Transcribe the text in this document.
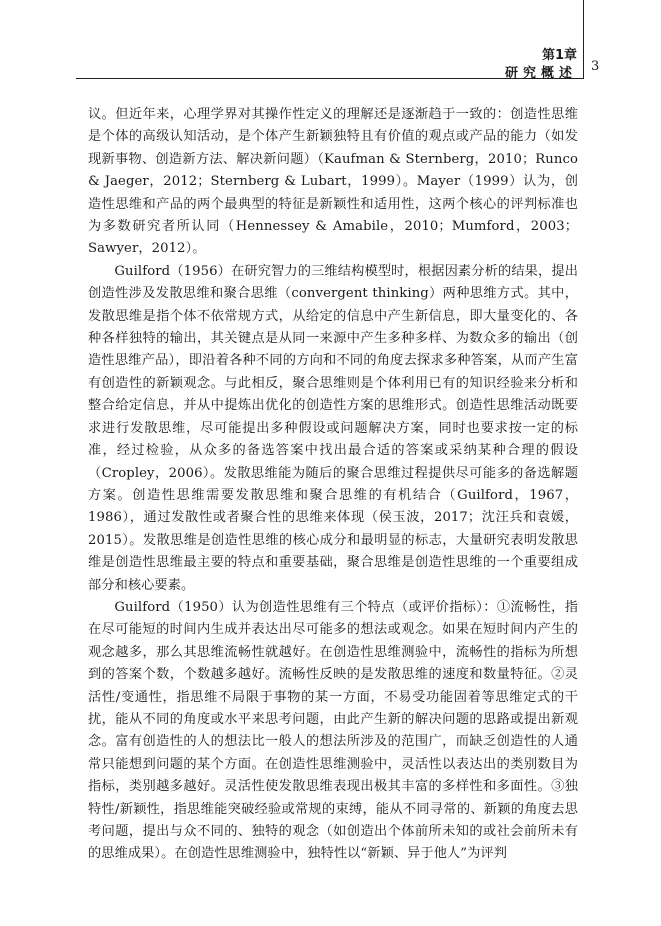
第1章
研究概述 3

议。但近年来，心理学界对其操作性定义的理解还是逐渐趋于一致的：创造性思维是个体的高级认知活动，是个体产生新颖独特且有价值的观点或产品的能力（如发现新事物、创造新方法、解决新问题）（Kaufman & Sternberg，2010；Runco & Jaeger，2012；Sternberg & Lubart，1999）。Mayer（1999）认为，创造性思维和产品的两个最典型的特征是新颖性和适用性，这两个核心的评判标准也为多数研究者所认同（Hennessey & Amabile，2010；Mumford，2003；Sawyer，2012）。

Guilford（1956）在研究智力的三维结构模型时，根据因素分析的结果，提出创造性涉及发散思维和聚合思维（convergent thinking）两种思维方式。其中，发散思维是指个体不依常规方式，从给定的信息中产生新信息，即大量变化的、各种各样独特的输出，其关键点是从同一来源中产生多种多样、为数众多的输出（创造性思维产品），即沿着各种不同的方向和不同的角度去探求多种答案，从而产生富有创造性的新颖观念。与此相反，聚合思维则是个体利用已有的知识经验来分析和整合给定信息，并从中提炼出优化的创造性方案的思维形式。创造性思维活动既要求进行发散思维，尽可能提出多种假设或问题解决方案，同时也要求按一定的标准，经过检验，从众多的备选答案中找出最合适的答案或采纳某种合理的假设（Cropley，2006）。发散思维能为随后的聚合思维过程提供尽可能多的备选解题方案。创造性思维需要发散思维和聚合思维的有机结合（Guilford，1967，1986），通过发散性或者聚合性的思维来体现（侯玉波，2017；沈汪兵和袁媛，2015）。发散思维是创造性思维的核心成分和最明显的标志，大量研究表明发散思维是创造性思维最主要的特点和重要基础，聚合思维是创造性思维的一个重要组成部分和核心要素。

Guilford（1950）认为创造性思维有三个特点（或评价指标）：①流畅性，指在尽可能短的时间内生成并表达出尽可能多的想法或观念。如果在短时间内产生的观念越多，那么其思维流畅性就越好。在创造性思维测验中，流畅性的指标为所想到的答案个数，个数越多越好。流畅性反映的是发散思维的速度和数量特征。②灵活性/变通性，指思维不局限于事物的某一方面，不易受功能固着等思维定式的干扰，能从不同的角度或水平来思考问题，由此产生新的解决问题的思路或提出新观念。富有创造性的人的想法比一般人的想法所涉及的范围广，而缺乏创造性的人通常只能想到问题的某个方面。在创造性思维测验中，灵活性以表达出的类别数目为指标，类别越多越好。灵活性使发散思维表现出极其丰富的多样性和多面性。③独特性/新颖性，指思维能突破经验或常规的束缚，能从不同寻常的、新颖的角度去思考问题，提出与众不同的、独特的观念（如创造出个体前所未知的或社会前所未有的思维成果）。在创造性思维测验中，独特性以“新颖、异于他人”为评判
